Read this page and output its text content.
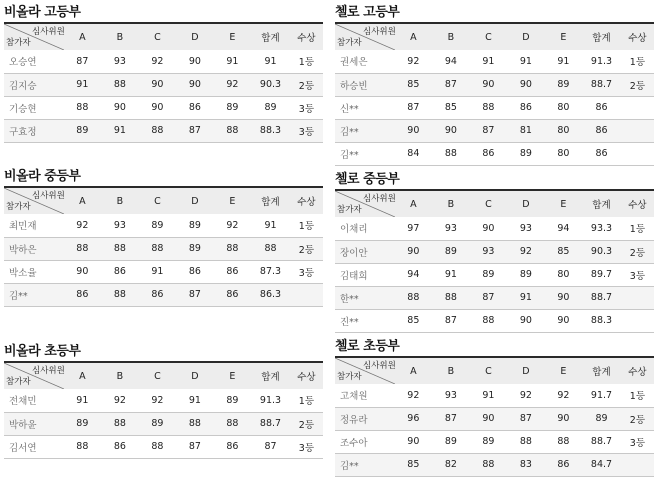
비올라 고등부
심사위원
참가자	A	B	C	D	E	합계	수상
오승연	87	93	92	90	91	91	1등
김지승	91	88	90	90	92	90.3	2등
기승현	88	90	90	86	89	89	3등
구효정	89	91	88	87	88	88.3	3등
비올라 중등부
심사위원
참가자	A	B	C	D	E	합계	수상
최민재	92	93	89	89	92	91	1등
박하은	88	88	88	89	88	88	2등
박소율	90	86	91	86	86	87.3	3등
김**	86	88	86	87	86	86.3	
비올라 초등부
심사위원
참가자	A	B	C	D	E	합계	수상
전채민	91	92	92	91	89	91.3	1등
박하윤	89	88	89	88	88	88.7	2등
김서연	88	86	88	87	86	87	3등
첼로 고등부
심사위원
참가자	A	B	C	D	E	합계	수상
권세은	92	94	91	91	91	91.3	1등
하승빈	85	87	90	90	89	88.7	2등
신**	87	85	88	86	80	86	
김**	90	90	87	81	80	86	
김**	84	88	86	89	80	86	
첼로 중등부
심사위원
참가자	A	B	C	D	E	합계	수상
이채리	97	93	90	93	94	93.3	1등
장이안	90	89	93	92	85	90.3	2등
김태희	94	91	89	89	80	89.7	3등
한**	88	88	87	91	90	88.7	
진**	85	87	88	90	90	88.3	
첼로 초등부
심사위원
참가자	A	B	C	D	E	합계	수상
고채원	92	93	91	92	92	91.7	1등
정유라	96	87	90	87	90	89	2등
조수아	90	89	89	88	88	88.7	3등
김**	85	82	88	83	86	84.7	
